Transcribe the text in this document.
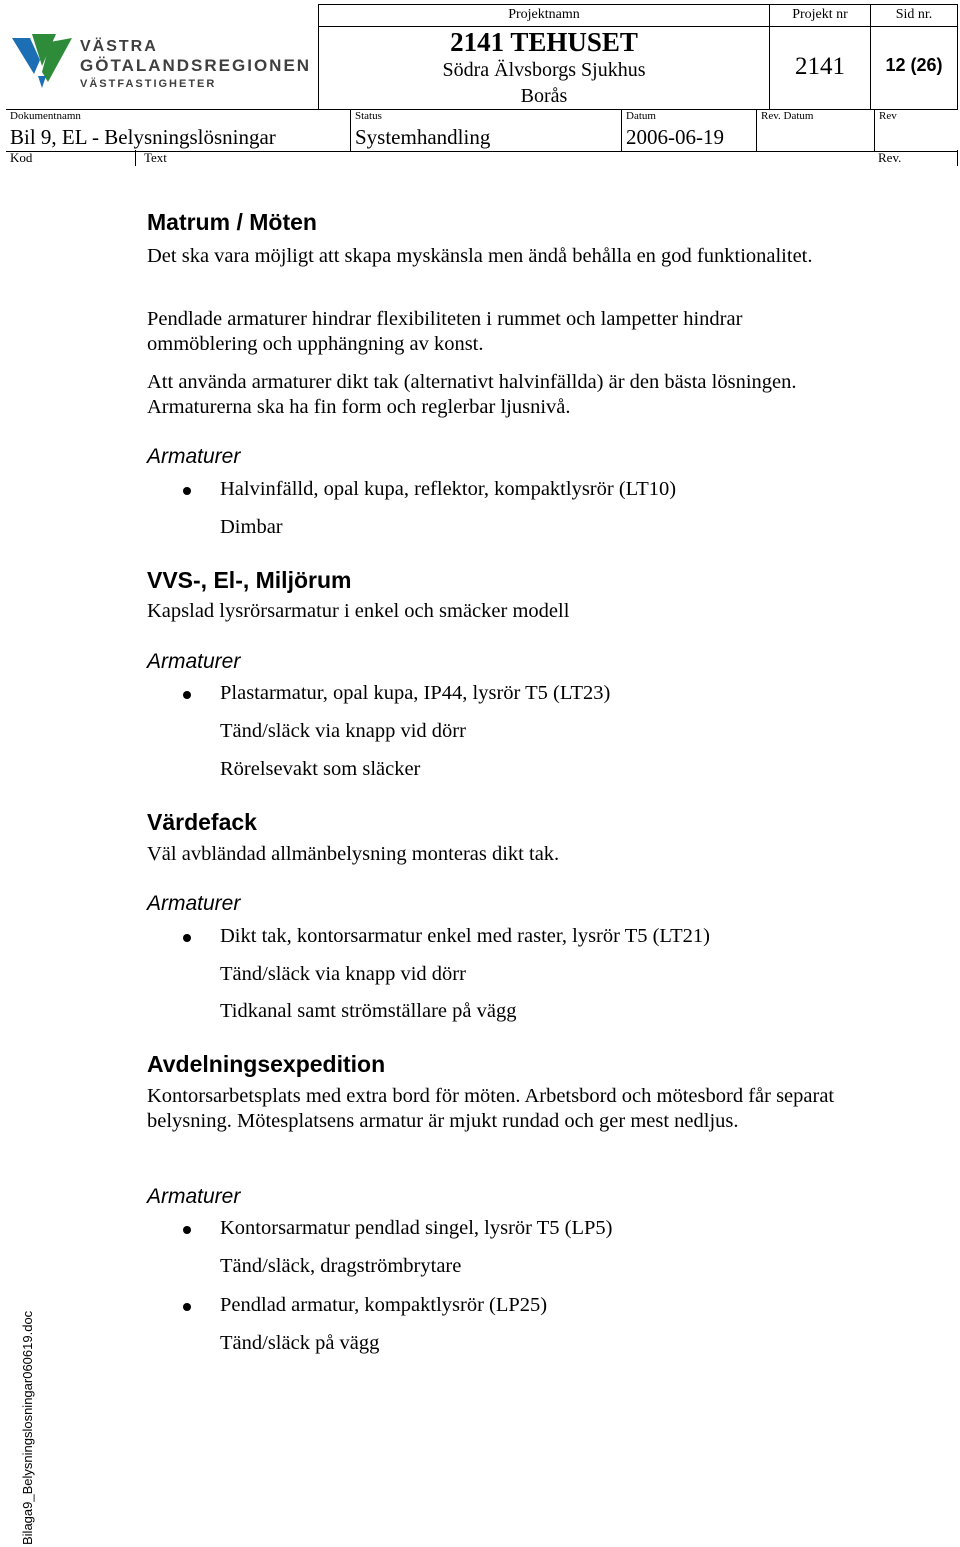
VÄSTRA
GÖTALANDSREGIONEN
VÄSTFASTIGHETER
Projektnamn
2141 TEHUSET
Södra Älvsborgs Sjukhus
Borås
Projekt nr
2141
Sid nr.
12 (26)
Dokumentnamn
Bil 9, EL - Belysningslösningar
Status
Systemhandling
Datum
2006-06-19
Rev. Datum	Rev
Kod	Text	Rev.
Matrum / Möten
Det ska vara möjligt att skapa myskänsla men ändå behålla en god funktionalitet.
Pendlade armaturer hindrar flexibiliteten i rummet och lampetter hindrar ommöblering och upphängning av konst.
Att använda armaturer dikt tak (alternativt halvinfällda) är den bästa lösningen. Armaturerna ska ha fin form och reglerbar ljusnivå.
Armaturer
Halvinfälld, opal kupa, reflektor, kompaktlysrör (LT10)
Dimbar
VVS-, El-, Miljörum
Kapslad lysrörsarmatur i enkel och smäcker modell
Armaturer
Plastarmatur, opal kupa, IP44, lysrör T5 (LT23)
Tänd/släck via knapp vid dörr
Rörelsevakt som släcker
Värdefack
Väl avbländad allmänbelysning monteras dikt tak.
Armaturer
Dikt tak, kontorsarmatur enkel med raster, lysrör T5 (LT21)
Tänd/släck via knapp vid dörr
Tidkanal samt strömställare på vägg
Avdelningsexpedition
Kontorsarbetsplats med extra bord för möten. Arbetsbord och mötesbord får separat belysning. Mötesplatsens armatur är mjukt rundad och ger mest nedljus.
Armaturer
Kontorsarmatur pendlad singel, lysrör T5 (LP5)
Tänd/släck, dragströmbrytare
Pendlad armatur, kompaktlysrör (LP25)
Tänd/släck på vägg
Bilaga9_Belysningslosningar060619.doc
